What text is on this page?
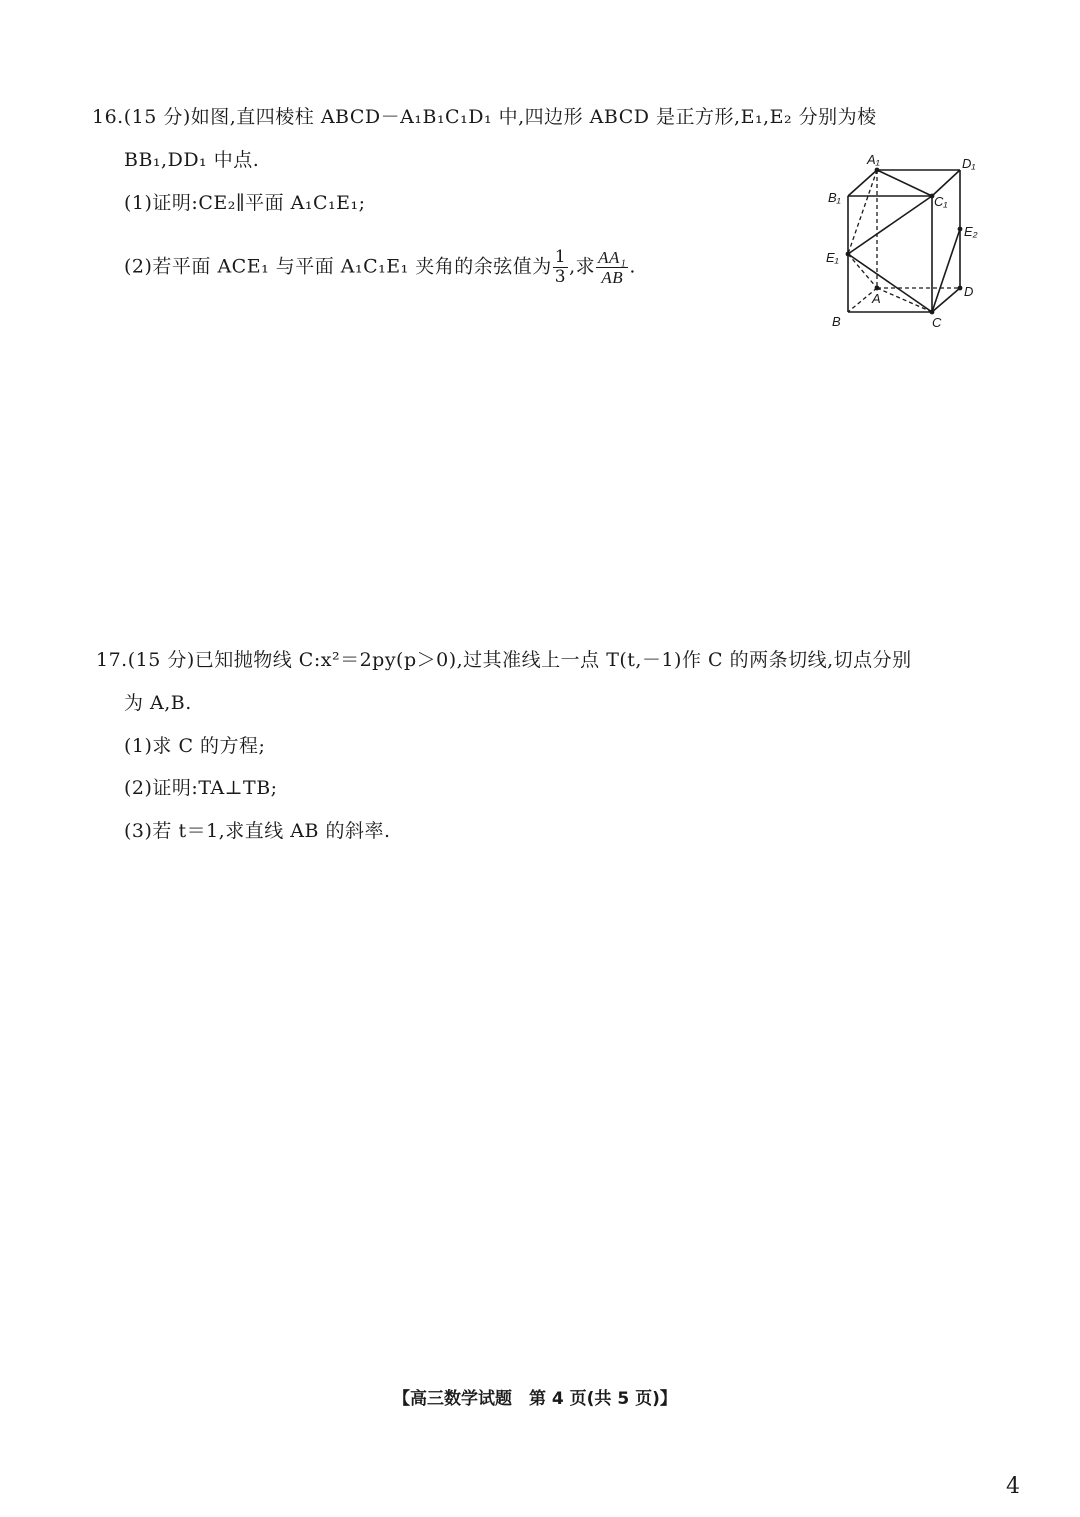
16.(15 分)如图,直四棱柱 ABCD－A₁B₁C₁D₁ 中,四边形 ABCD 是正方形,E₁,E₂ 分别为棱
BB₁,DD₁ 中点.
(1)证明:CE₂∥平面 A₁C₁E₁;
(2)若平面 ACE₁ 与平面 A₁C₁E₁ 夹角的余弦值为 $\frac{1}{3}$ ,求 $\frac{\text{AA₁}}{AB}$ .
A₁	D₁
B₁	C₁
E₂
E₁
A	D
B	C
17.(15 分)已知抛物线 C:x²＝2py(p＞0),过其准线上一点 T(t,－1)作 C 的两条切线,切点分别
为 A,B.
(1)求 C 的方程;
(2)证明:TA⊥TB;
(3)若 t＝1,求直线 AB 的斜率.
【高三数学试题　第 4 页(共 5 页)】
4
